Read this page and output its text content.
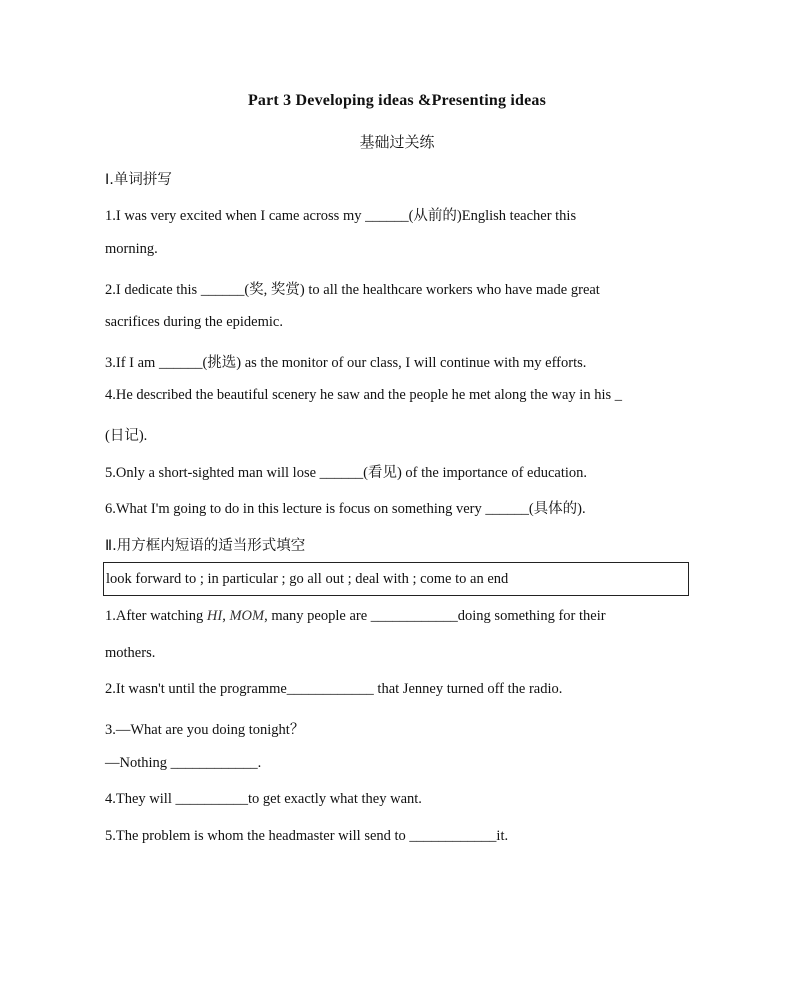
Part 3 Developing ideas &Presenting ideas
基础过关练
Ⅰ.单词拼写
1.I was very excited when I came across my ______(从前的)English teacher this
morning.
2.I dedicate this ______(奖, 奖赏) to all the healthcare workers who have made great
sacrifices during the epidemic.
3.If I am ______(挑选) as the monitor of our class, I will continue with my efforts.
4.He described the beautiful scenery he saw and the people he met along the way in his _
(日记).
5.Only a short-sighted man will lose ______(看见) of the importance of education.
6.What I'm going to do in this lecture is focus on something very ______(具体的).
Ⅱ.用方框内短语的适当形式填空
look forward to ; in particular ; go all out ; deal with ; come to an end
1.After watching HI, MOM, many people are ____________doing something for their
mothers.
2.It wasn't until the programme____________ that Jenney turned off the radio.
3.—What are you doing tonight？
—Nothing ____________.
4.They will __________to get exactly what they want.
5.The problem is whom the headmaster will send to ____________it.
